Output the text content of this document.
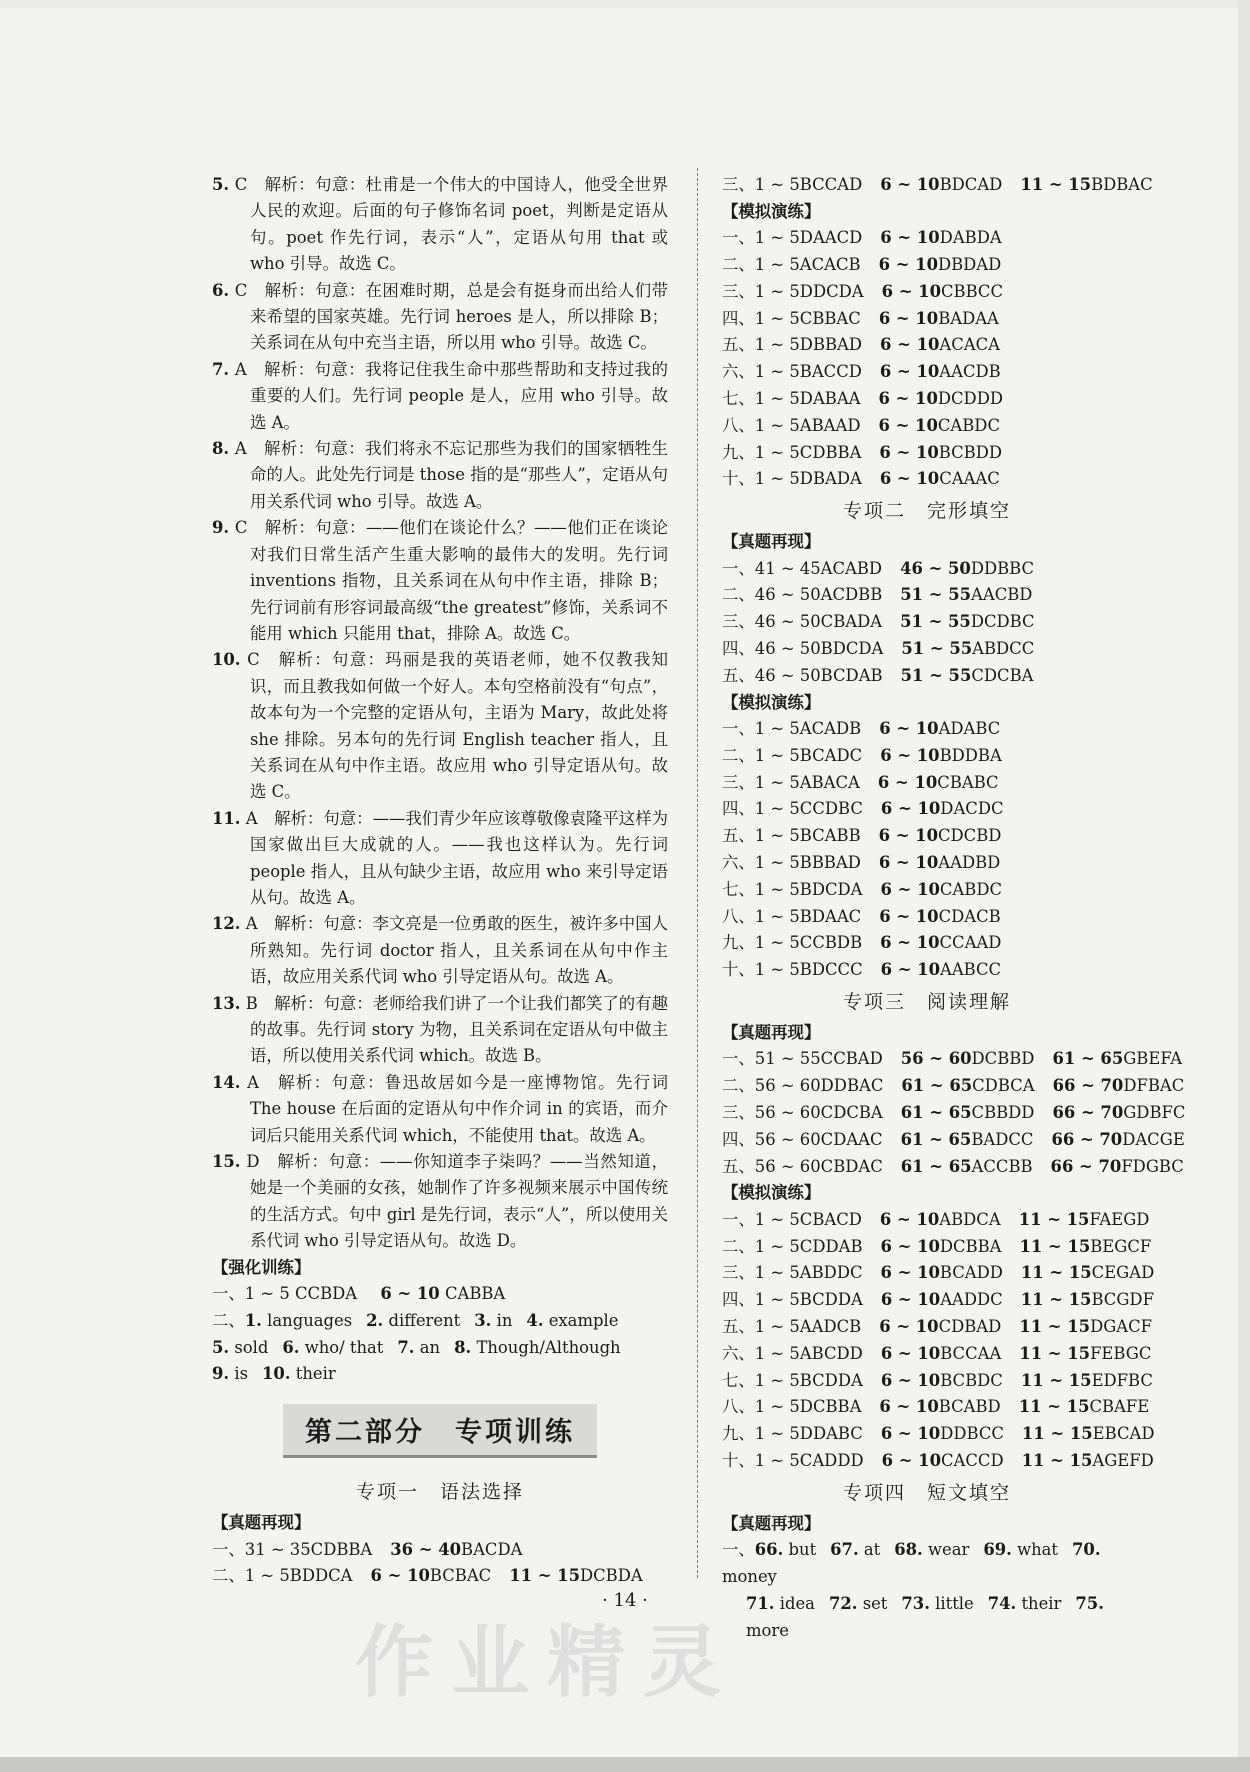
5. C　 解析：句意：杜甫是一个伟大的中国诗人，他受全世界人民的欢迎。后面的句子修饰名词 poet，判断是定语从句。poet 作先行词，表示“人”，定语从句用 that 或 who 引导。故选 C。

6. C　 解析：句意：在困难时期，总是会有挺身而出给人们带来希望的国家英雄。先行词 heroes 是人，所以排除 B；关系词在从句中充当主语，所以用 who 引导。故选 C。

7. A　 解析：句意：我将记住我生命中那些帮助和支持过我的重要的人们。先行词 people 是人，应用 who 引导。故选 A。

8. A　 解析：句意：我们将永不忘记那些为我们的国家牺牲生命的人。此处先行词是 those 指的是“那些人”，定语从句用关系代词 who 引导。故选 A。

9. C　 解析：句意：——他们在谈论什么？——他们正在谈论对我们日常生活产生重大影响的最伟大的发明。先行词 inventions 指物，且关系词在从句中作主语，排除 B；先行词前有形容词最高级“the greatest”修饰，关系词不能用 which 只能用 that，排除 A。故选 C。

10. C　 解析：句意：玛丽是我的英语老师，她不仅教我知识，而且教我如何做一个好人。本句空格前没有“句点”，故本句为一个完整的定语从句，主语为 Mary，故此处将 she 排除。另本句的先行词 English teacher 指人，且关系词在从句中作主语。故应用 who 引导定语从句。故选 C。

11. A　 解析：句意：——我们青少年应该尊敬像袁隆平这样为国家做出巨大成就的人。——我也这样认为。先行词 people 指人，且从句缺少主语，故应用 who 来引导定语从句。故选 A。

12. A　 解析：句意：李文亮是一位勇敢的医生，被许多中国人所熟知。先行词 doctor 指人，且关系词在从句中作主语，故应用关系代词 who 引导定语从句。故选 A。

13. B　 解析：句意：老师给我们讲了一个让我们都笑了的有趣的故事。先行词 story 为物，且关系词在定语从句中做主语，所以使用关系代词 which。故选 B。

14. A　 解析：句意：鲁迅故居如今是一座博物馆。先行词 The house 在后面的定语从句中作介词 in 的宾语，而介词后只能用关系代词 which，不能使用 that。故选 A。

15. D　 解析：句意：——你知道李子柒吗？——当然知道，她是一个美丽的女孩，她制作了许多视频来展示中国传统的生活方式。句中 girl 是先行词，表示“人”，所以使用关系代词 who 引导定语从句。故选 D。

【强化训练】

一、1 ~ 5 CCBDA 6 ~ 10 CABBA

二、1. languages 2. different 3. in 4. example

5. sold 6. who/ that 7. an 8. Though/Although

9. is 10. their

第二部分　专项训练

专项一　语法选择

【真题再现】

一、31 ~ 35CDBBA 36 ~ 40BACDA

二、1 ~ 5BDDCA 6 ~ 10BCBAC 11 ~ 15DCBDA

三、1 ~ 5BCCAD 6 ~ 10BDCAD 11 ~ 15BDBAC

【模拟演练】

一、1 ~ 5DAACD 6 ~ 10DABDA

二、1 ~ 5ACACB 6 ~ 10DBDAD

三、1 ~ 5DDCDA 6 ~ 10CBBCC

四、1 ~ 5CBBAC 6 ~ 10BADAA

五、1 ~ 5DBBAD 6 ~ 10ACACA

六、1 ~ 5BACCD 6 ~ 10AACDB

七、1 ~ 5DABAA 6 ~ 10DCDDD

八、1 ~ 5ABAAD 6 ~ 10CABDC

九、1 ~ 5CDBBA 6 ~ 10BCBDD

十、1 ~ 5DBADA 6 ~ 10CAAAC

专项二　完形填空

【真题再现】

一、41 ~ 45ACABD 46 ~ 50DDBBC

二、46 ~ 50ACDBB 51 ~ 55AACBD

三、46 ~ 50CBADA 51 ~ 55DCDBC

四、46 ~ 50BDCDA 51 ~ 55ABDCC

五、46 ~ 50BCDAB 51 ~ 55CDCBA

【模拟演练】

一、1 ~ 5ACADB 6 ~ 10ADABC

二、1 ~ 5BCADC 6 ~ 10BDDBA

三、1 ~ 5ABACA 6 ~ 10CBABC

四、1 ~ 5CCDBC 6 ~ 10DACDC

五、1 ~ 5BCABB 6 ~ 10CDCBD

六、1 ~ 5BBBAD 6 ~ 10AADBD

七、1 ~ 5BDCDA 6 ~ 10CABDC

八、1 ~ 5BDAAC 6 ~ 10CDACB

九、1 ~ 5CCBDB 6 ~ 10CCAAD

十、1 ~ 5BDCCC 6 ~ 10AABCC

专项三　阅读理解

【真题再现】

一、51 ~ 55CCBAD 56 ~ 60DCBBD 61 ~ 65GBEFA

二、56 ~ 60DDBAC 61 ~ 65CDBCA 66 ~ 70DFBAC

三、56 ~ 60CDCBA 61 ~ 65CBBDD 66 ~ 70GDBFC

四、56 ~ 60CDAAC 61 ~ 65BADCC 66 ~ 70DACGE

五、56 ~ 60CBDAC 61 ~ 65ACCBB 66 ~ 70FDGBC

【模拟演练】

一、1 ~ 5CBACD 6 ~ 10ABDCA 11 ~ 15FAEGD

二、1 ~ 5CDDAB 6 ~ 10DCBBA 11 ~ 15BEGCF

三、1 ~ 5ABDDC 6 ~ 10BCADD 11 ~ 15CEGAD

四、1 ~ 5BCDDA 6 ~ 10AADDC 11 ~ 15BCGDF

五、1 ~ 5AADCB 6 ~ 10CDBAD 11 ~ 15DGACF

六、1 ~ 5ABCDD 6 ~ 10BCCAA 11 ~ 15FEBGC

七、1 ~ 5BCDDA 6 ~ 10BCBDC 11 ~ 15EDFBC

八、1 ~ 5DCBBA 6 ~ 10BCABD 11 ~ 15CBAFE

九、1 ~ 5DDABC 6 ~ 10DDBCC 11 ~ 15EBCAD

十、1 ~ 5CADDD 6 ~ 10CACCD 11 ~ 15AGEFD

专项四　短文填空

【真题再现】

一、66. but 67. at 68. wear 69. what 70. money

71. idea 72. set 73. little 74. their 75. more

· 14 ·
作业精灵
